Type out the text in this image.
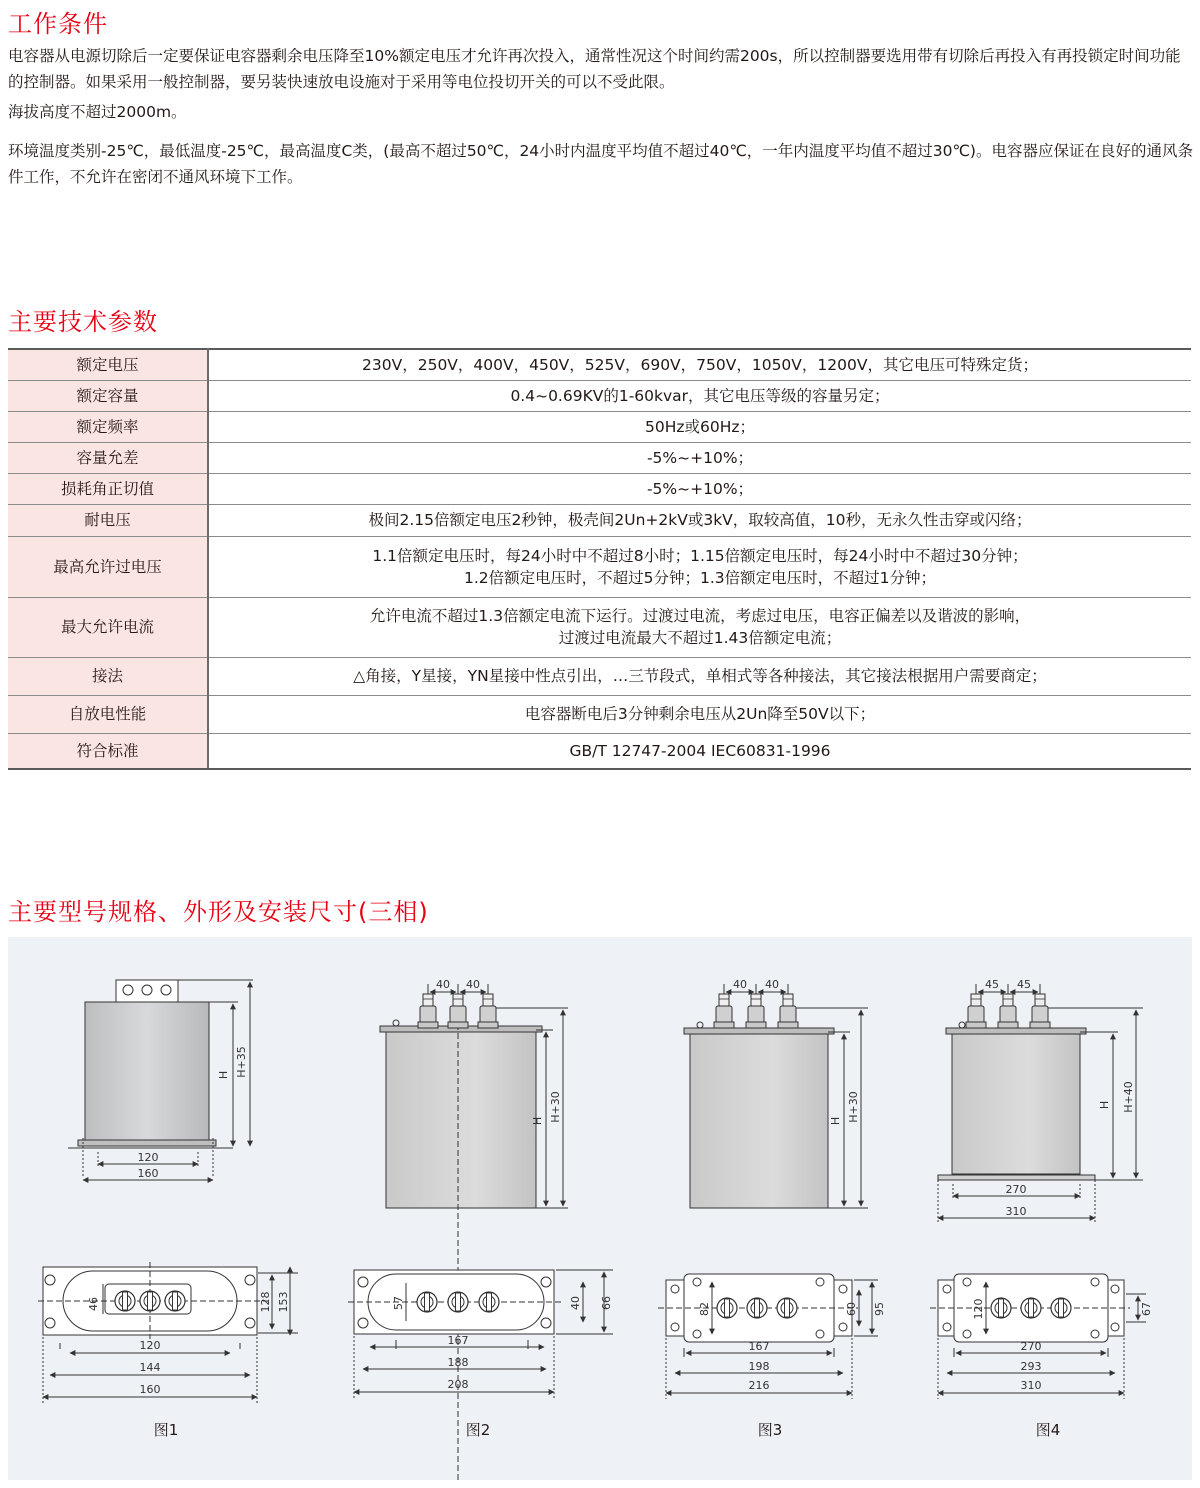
工作条件

电容器从电源切除后一定要保证电容器剩余电压降至10%额定电压才允许再次投入，通常性况这个时间约需200s，所以控制器要选用带有切除后再投入有再投锁定时间功能的控制器。如果采用一般控制器，要另装快速放电设施对于采用等电位投切开关的可以不受此限。

海拔高度不超过2000m。

环境温度类别-25℃，最低温度-25℃，最高温度C类，(最高不超过50℃，24小时内温度平均值不超过40℃，一年内温度平均值不超过30℃)。电容器应保证在良好的通风条件工作，不允许在密闭不通风环境下工作。

主要技术参数
额定电压	230V，250V，400V，450V，525V，690V，750V，1050V，1200V，其它电压可特殊定货；
额定容量	0.4~0.69KV的1-60kvar，其它电压等级的容量另定；
额定频率	50Hz或60Hz；
容量允差	-5%~+10%；
损耗角正切值	-5%~+10%；
耐电压	极间2.15倍额定电压2秒钟，极壳间2Un+2kV或3kV，取较高值，10秒，无永久性击穿或闪络；
最高允许过电压	1.1倍额定电压时，每24小时中不超过8小时；1.15倍额定电压时，每24小时中不超过30分钟；
1.2倍额定电压时，不超过5分钟；1.3倍额定电压时，不超过1分钟；

最大允许电流	允许电流不超过1.3倍额定电流下运行。过渡过电流，考虑过电压，电容正偏差以及谐波的影响，
过渡过电流最大不超过1.43倍额定电流；

接法	△角接，Y星接，YN星接中性点引出，…三节段式，单相式等各种接法，其它接法根据用户需要商定；
自放电性能	电容器断电后3分钟剩余电压从2Un降至50V以下；
符合标准	GB/T 12747-2004 IEC60831-1996
主要型号规格、外形及安装尺寸(三相)
120
160
H H+35
46	128 153
120
144
160
图1
40 40
H H+30
57	40 66
167
188
208
图2
40 40
H H+30
82	60 95
167
198
216
图3
45 45
H H+40
270
310
120	67
270
293
310
图4
